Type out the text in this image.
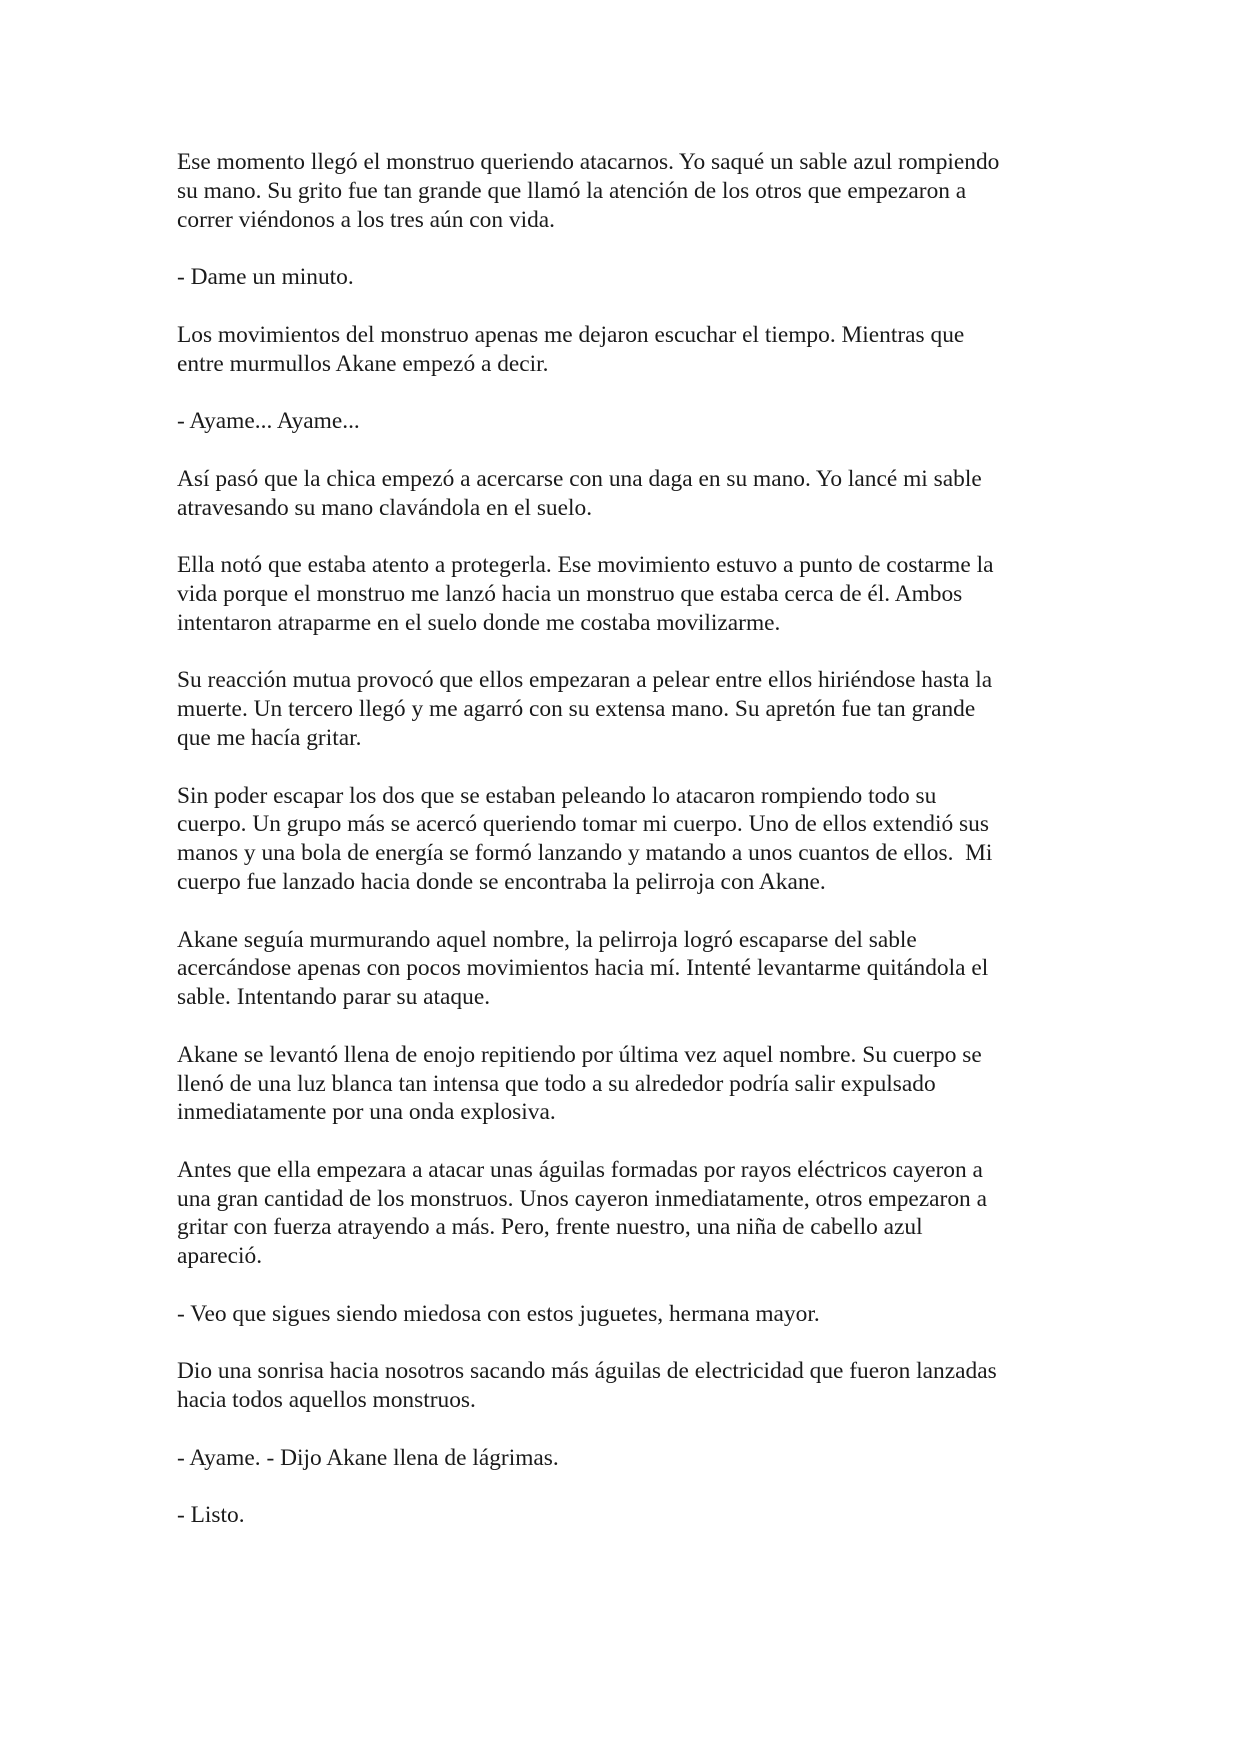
Ese momento llegó el monstruo queriendo atacarnos. Yo saqué un sable azul rompiendo
su mano. Su grito fue tan grande que llamó la atención de los otros que empezaron a
correr viéndonos a los tres aún con vida.

- Dame un minuto.

Los movimientos del monstruo apenas me dejaron escuchar el tiempo. Mientras que
entre murmullos Akane empezó a decir.

- Ayame... Ayame...

Así pasó que la chica empezó a acercarse con una daga en su mano. Yo lancé mi sable
atravesando su mano clavándola en el suelo.

Ella notó que estaba atento a protegerla. Ese movimiento estuvo a punto de costarme la
vida porque el monstruo me lanzó hacia un monstruo que estaba cerca de él. Ambos
intentaron atraparme en el suelo donde me costaba movilizarme.

Su reacción mutua provocó que ellos empezaran a pelear entre ellos hiriéndose hasta la
muerte. Un tercero llegó y me agarró con su extensa mano. Su apretón fue tan grande
que me hacía gritar.

Sin poder escapar los dos que se estaban peleando lo atacaron rompiendo todo su
cuerpo. Un grupo más se acercó queriendo tomar mi cuerpo. Uno de ellos extendió sus
manos y una bola de energía se formó lanzando y matando a unos cuantos de ellos.  Mi
cuerpo fue lanzado hacia donde se encontraba la pelirroja con Akane.

Akane seguía murmurando aquel nombre, la pelirroja logró escaparse del sable
acercándose apenas con pocos movimientos hacia mí. Intenté levantarme quitándola el
sable. Intentando parar su ataque.

Akane se levantó llena de enojo repitiendo por última vez aquel nombre. Su cuerpo se
llenó de una luz blanca tan intensa que todo a su alrededor podría salir expulsado
inmediatamente por una onda explosiva.

Antes que ella empezara a atacar unas águilas formadas por rayos eléctricos cayeron a
una gran cantidad de los monstruos. Unos cayeron inmediatamente, otros empezaron a
gritar con fuerza atrayendo a más. Pero, frente nuestro, una niña de cabello azul
apareció.

- Veo que sigues siendo miedosa con estos juguetes, hermana mayor.

Dio una sonrisa hacia nosotros sacando más águilas de electricidad que fueron lanzadas
hacia todos aquellos monstruos.

- Ayame. - Dijo Akane llena de lágrimas.

- Listo.
